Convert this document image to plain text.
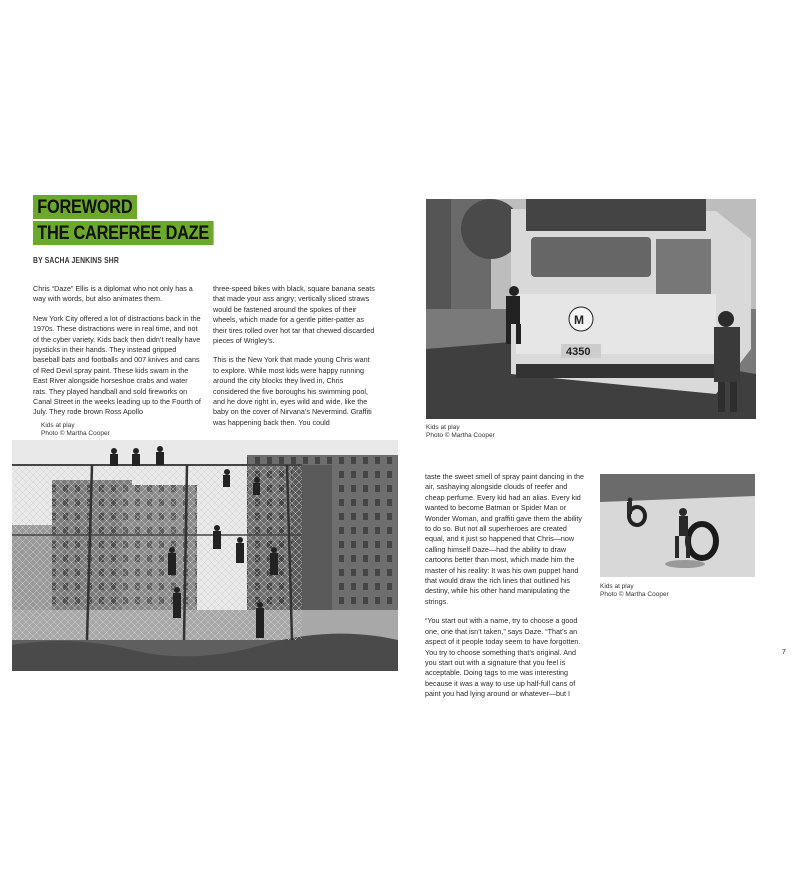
FOREWORD
THE CAREFREE DAZE
BY SACHA JENKINS SHR

Chris “Daze” Ellis is a diplomat who not only has a way with words, but also animates them.

New York City offered a lot of distractions back in the 1970s. These distractions were in real time, and not of the cyber variety. Kids back then didn’t really have joysticks in their hands. They instead gripped baseball bats and footballs and 007 knives and cans of Red Devil spray paint. These kids swam in the East River alongside horseshoe crabs and water rats. They played handball and sold fireworks on Canal Street in the weeks leading up to the Fourth of July. They rode brown Ross Apollo

three-speed bikes with black, square banana seats that made your ass angry; vertically sliced straws would be fastened around the spokes of their wheels, which made for a gentle pitter-patter as their tires rolled over hot tar that chewed discarded pieces of Wrigley’s.

This is the New York that made young Chris want to explore. While most kids were happy running around the city blocks they lived in, Chris considered the five boroughs his swimming pool, and he dove right in, eyes wild and wide, like the baby on the cover of Nirvana’s Nevermind. Graffiti was happening back then. You could

Kids at play
Photo © Martha Cooper
M
4350
Kids at play
Photo © Martha Cooper

taste the sweet smell of spray paint dancing in the air, sashaying alongside clouds of reefer and cheap perfume. Every kid had an alias. Every kid wanted to become Batman or Spider Man or Wonder Woman, and graffiti gave them the ability to do so. But not all superheroes are created equal, and it just so happened that Chris—now calling himself Daze—had the ability to draw cartoons better than most, which made him the master of his reality: It was his own puppet hand that would draw the rich lines that outlined his destiny, while his other hand manipulating the strings.

“You start out with a name, try to choose a good one, one that isn’t taken,” says Daze. “That’s an aspect of it people today seem to have forgotten. You try to choose something that’s original. And you start out with a signature that you feel is acceptable. Doing tags to me was interesting because it was a way to use up half-full cans of paint you had lying around or whatever—but I

Kids at play
Photo © Martha Cooper
7
